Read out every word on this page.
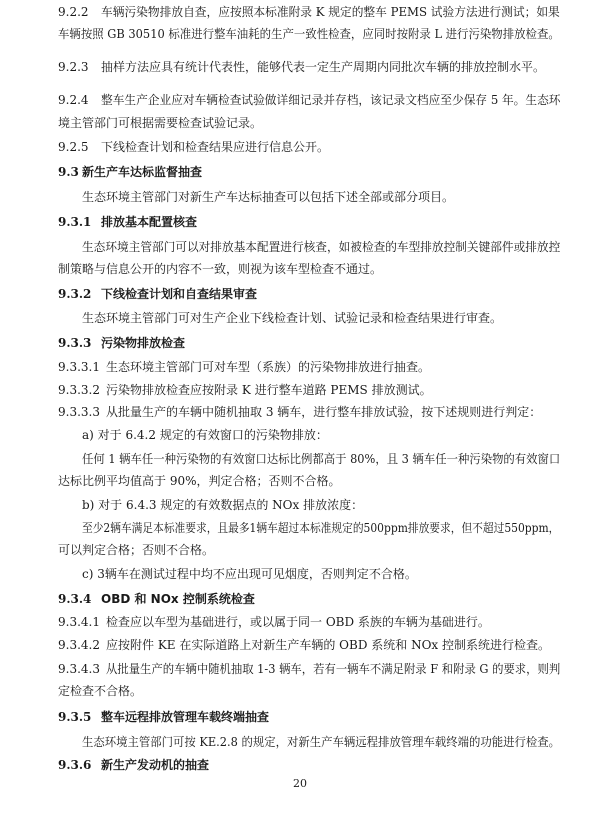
9.2.2 车辆污染物排放自查，应按照本标准附录 K 规定的整车 PEMS 试验方法进行测试；如果
车辆按照 GB 30510 标准进行整车油耗的生产一致性检查，应同时按附录 L 进行污染物排放检查。
9.2.3 抽样方法应具有统计代表性，能够代表一定生产周期内同批次车辆的排放控制水平。
9.2.4 整车生产企业应对车辆检查试验做详细记录并存档，该记录文档应至少保存 5 年。生态环
境主管部门可根据需要检查试验记录。
9.2.5 下线检查计划和检查结果应进行信息公开。
9.3 新生产车达标监督抽查
生态环境主管部门对新生产车达标抽查可以包括下述全部或部分项目。
9.3.1 排放基本配置核查
生态环境主管部门可以对排放基本配置进行核查，如被检查的车型排放控制关键部件或排放控
制策略与信息公开的内容不一致，则视为该车型检查不通过。
9.3.2 下线检查计划和自查结果审查
生态环境主管部门可对生产企业下线检查计划、试验记录和检查结果进行审查。
9.3.3 污染物排放检查
9.3.3.1 生态环境主管部门可对车型（系族）的污染物排放进行抽查。
9.3.3.2 污染物排放检查应按附录 K 进行整车道路 PEMS 排放测试。
9.3.3.3 从批量生产的车辆中随机抽取 3 辆车，进行整车排放试验，按下述规则进行判定：
a) 对于 6.4.2 规定的有效窗口的污染物排放：
任何 1 辆车任一种污染物的有效窗口达标比例都高于 80%，且 3 辆车任一种污染物的有效窗口
达标比例平均值高于 90%，判定合格；否则不合格。
b) 对于 6.4.3 规定的有效数据点的 NOx 排放浓度：
至少2辆车满足本标准要求，且最多1辆车超过本标准规定的500ppm排放要求，但不超过550ppm，
可以判定合格；否则不合格。
c) 3辆车在测试过程中均不应出现可见烟度，否则判定不合格。
9.3.4 OBD 和 NOx 控制系统检查
9.3.4.1 检查应以车型为基础进行，或以属于同一 OBD 系族的车辆为基础进行。
9.3.4.2 应按附件 KE 在实际道路上对新生产车辆的 OBD 系统和 NOx 控制系统进行检查。
9.3.4.3 从批量生产的车辆中随机抽取 1-3 辆车，若有一辆车不满足附录 F 和附录 G 的要求，则判
定检查不合格。
9.3.5 整车远程排放管理车载终端抽查
生态环境主管部门可按 KE.2.8 的规定，对新生产车辆远程排放管理车载终端的功能进行检查。
9.3.6 新生产发动机的抽查
20
